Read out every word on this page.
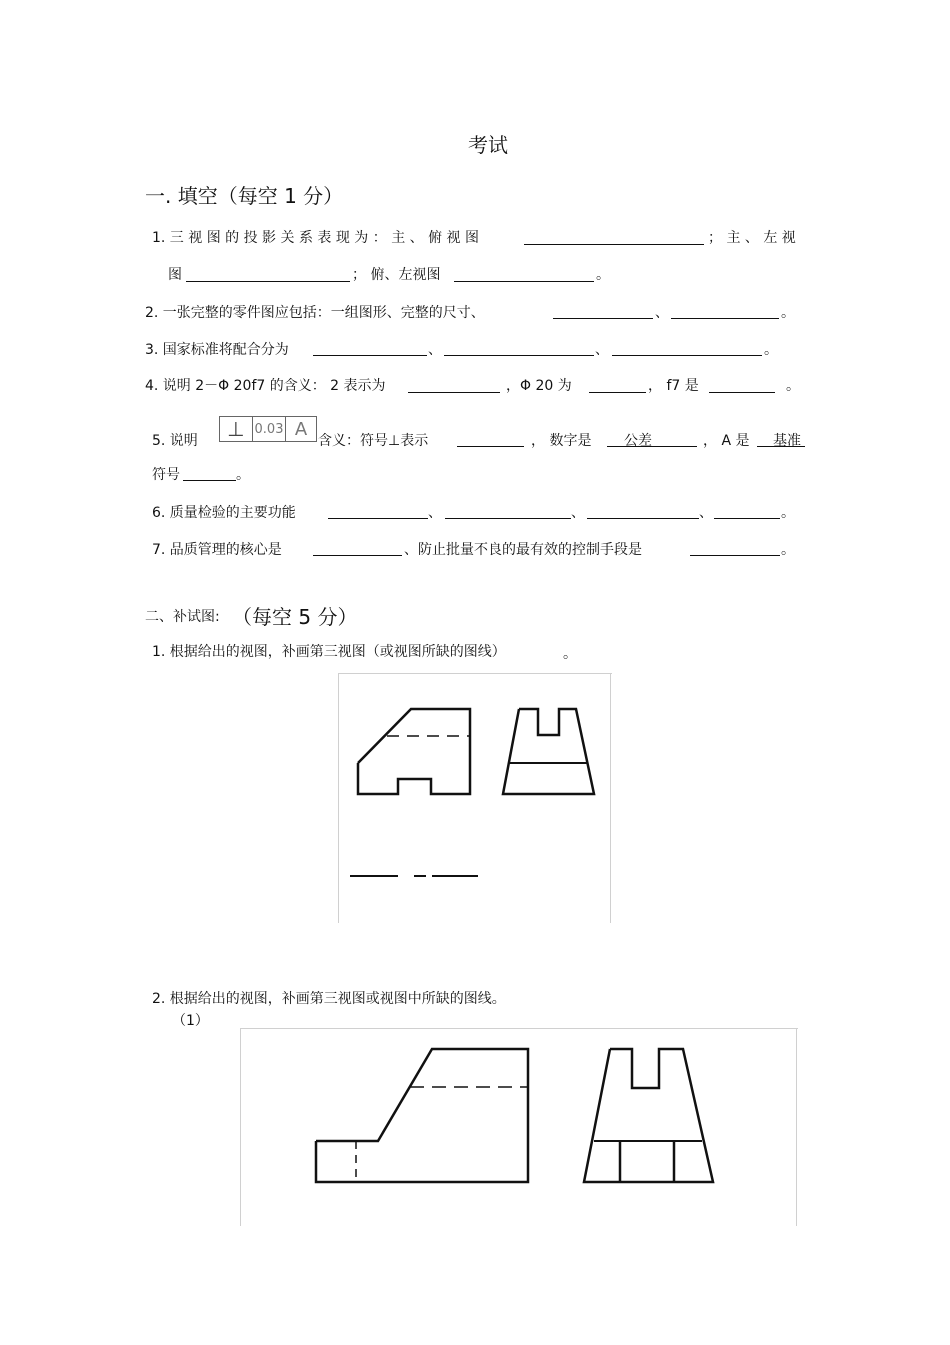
考试
一. 填空（每空 1 分）
1. 三 视 图 的 投 影 关 系 表 现 为 ： 主 、 俯 视 图	； 主 、 左 视
图	； 俯、左视图	。
2. 一张完整的零件图应包括：一组图形、完整的尺寸、	、	。
3. 国家标准将配合分为	、	、	。
4. 说明 2－Φ 20f7 的含义： 2 表示为	，Φ 20 为	， f7 是	。
5. 说明	⊥ 0.03 A
含义：符号⊥表示	， 数字是 公差	， A 是 基准
符号	。
6. 质量检验的主要功能	、	、	、	。
7. 品质管理的核心是	、防止批量不良的最有效的控制手段是	。
二、补试图: （每空 5 分）
1. 根据给出的视图，补画第三视图（或视图所缺的图线）	。
2. 根据给出的视图，补画第三视图或视图中所缺的图线。
（1）
